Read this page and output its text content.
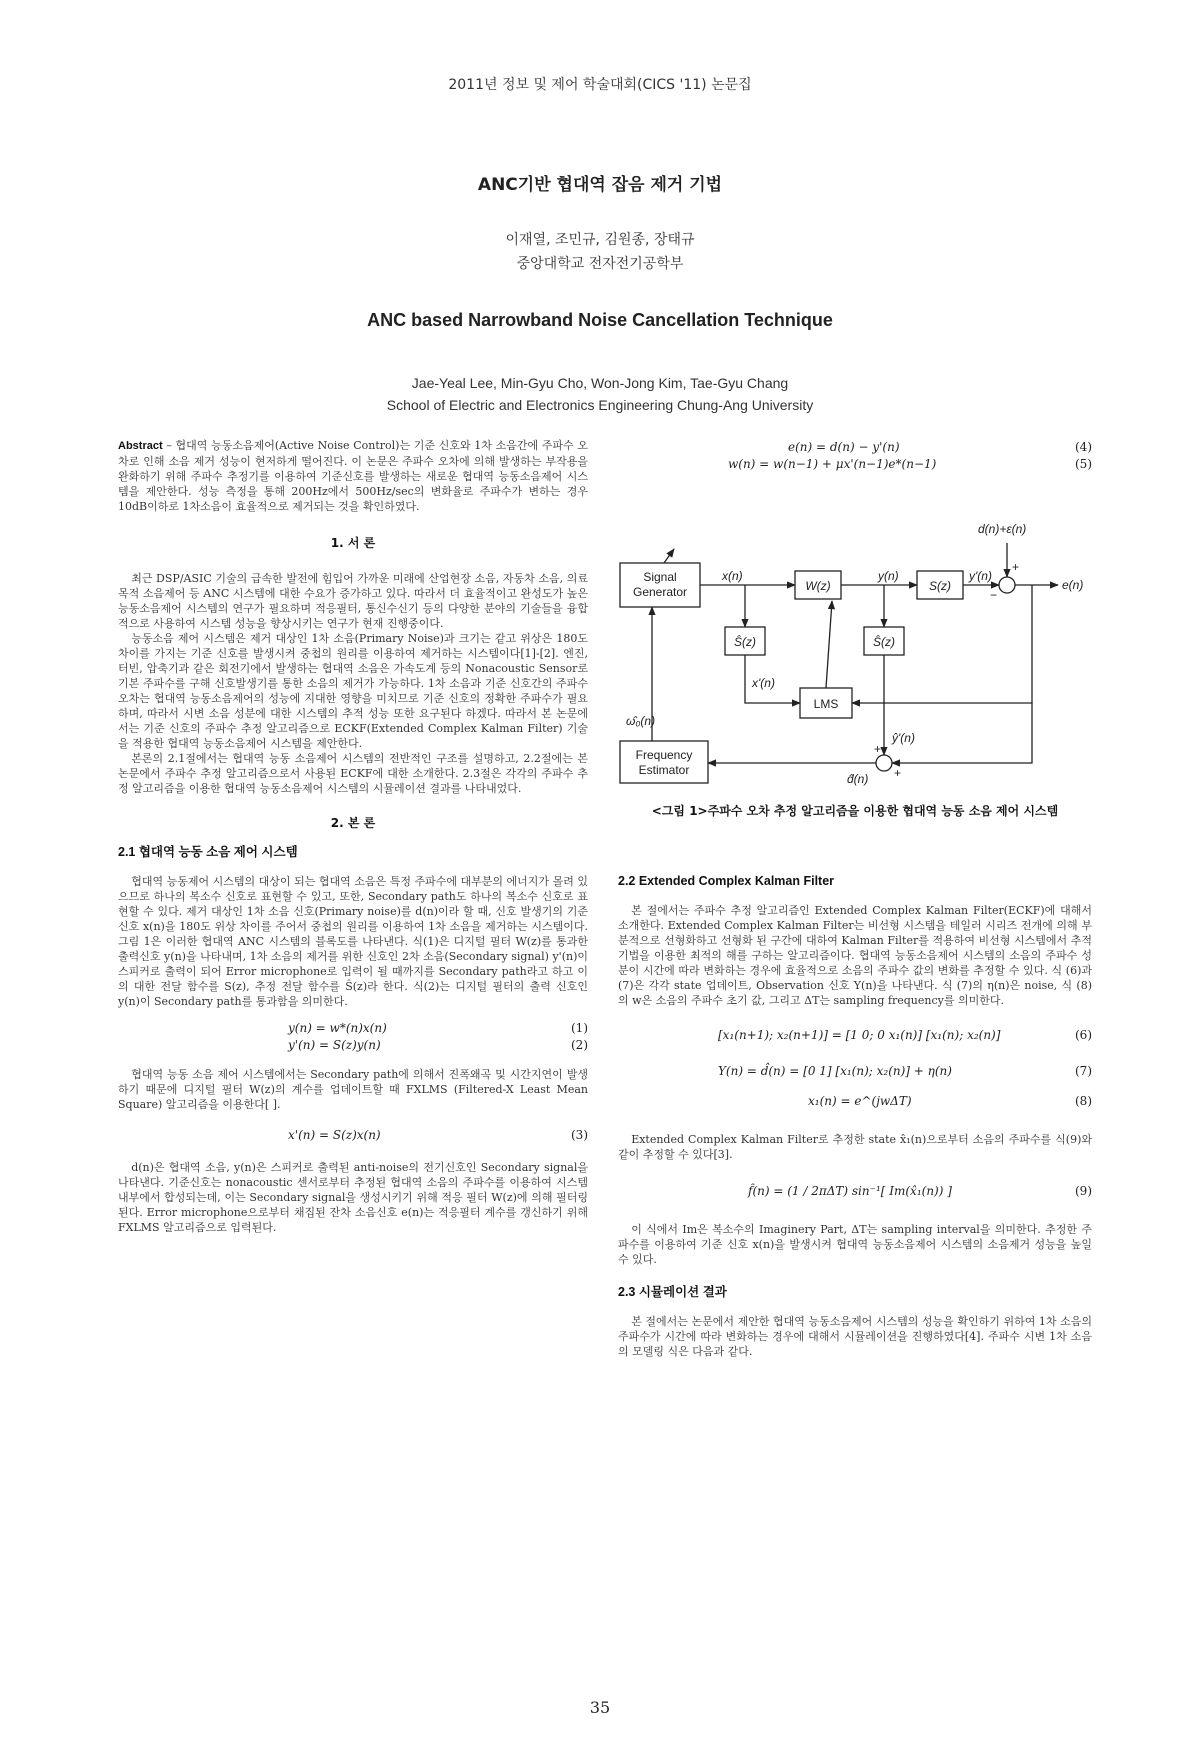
2011년 정보 및 제어 학술대회(CICS '11) 논문집
ANC기반 협대역 잡음 제거 기법
이재열, 조민규, 김원종, 장태규
중앙대학교 전자전기공학부
ANC based Narrowband Noise Cancellation Technique
Jae-Yeal Lee, Min-Gyu Cho, Won-Jong Kim, Tae-Gyu Chang
School of Electric and Electronics Engineering Chung-Ang University
Abstract – 협대역 능동소음제어(Active Noise Control)는 기준 신호와 1차 소음간에 주파수 오차로 인해 소음 제거 성능이 현저하게 떨어진다. 이 논문은 주파수 오차에 의해 발생하는 부작용을 완화하기 위해 주파수 추정기를 이용하여 기준신호를 발생하는 새로운 협대역 능동소음제어 시스템을 제안한다. 성능 측정을 통해 200Hz에서 500Hz/sec의 변화율로 주파수가 변하는 경우 10dB이하로 1차소음이 효율적으로 제거되는 것을 확인하였다.
1. 서 론

최근 DSP/ASIC 기술의 급속한 발전에 힘입어 가까운 미래에 산업현장 소음, 자동차 소음, 의료목적 소음제어 등 ANC 시스템에 대한 수요가 증가하고 있다. 따라서 더 효율적이고 완성도가 높은 능동소음제어 시스템의 연구가 필요하며 적응필터, 통신수신기 등의 다양한 분야의 기술들을 융합적으로 사용하여 시스템 성능을 향상시키는 연구가 현재 진행중이다.

능동소음 제어 시스템은 제거 대상인 1차 소음(Primary Noise)과 크기는 같고 위상은 180도 차이를 가지는 기준 신호를 발생시켜 중첩의 원리를 이용하여 제거하는 시스템이다[1]-[2]. 엔진, 터빈, 압축기과 같은 회전기에서 발생하는 협대역 소음은 가속도계 등의 Nonacoustic Sensor로 기본 주파수를 구해 신호발생기를 통한 소음의 제거가 가능하다. 1차 소음과 기준 신호간의 주파수 오차는 협대역 능동소음제어의 성능에 지대한 영향을 미치므로 기준 신호의 정확한 주파수가 필요하며, 따라서 시변 소음 성분에 대한 시스템의 추적 성능 또한 요구된다 하겠다. 따라서 본 논문에서는 기준 신호의 주파수 추정 알고리즘으로 ECKF(Extended Complex Kalman Filter) 기술을 적용한 협대역 능동소음제어 시스템을 제안한다.

본론의 2.1절에서는 협대역 능동 소음제어 시스템의 전반적인 구조를 설명하고, 2.2절에는 본 논문에서 주파수 추정 알고리즘으로서 사용된 ECKF에 대한 소개한다. 2.3절은 각각의 주파수 추정 알고리즘을 이용한 협대역 능동소음제어 시스템의 시뮬레이션 결과를 나타내었다.

2. 본 론
2.1 협대역 능동 소음 제어 시스템

협대역 능동제어 시스템의 대상이 되는 협대역 소음은 특정 주파수에 대부분의 에너지가 몰려 있으므로 하나의 복소수 신호로 표현할 수 있고, 또한, Secondary path도 하나의 복소수 신호로 표현할 수 있다. 제거 대상인 1차 소음 신호(Primary noise)를 d(n)이라 할 때, 신호 발생기의 기준 신호 x(n)을 180도 위상 차이를 주어서 중첩의 원리를 이용하여 1차 소음을 제거하는 시스템이다. 그림 1은 이러한 협대역 ANC 시스템의 블록도를 나타낸다. 식(1)은 디지털 필터 W(z)를 통과한 출력신호 y(n)을 나타내며, 1차 소음의 제거를 위한 신호인 2차 소음(Secondary signal) y'(n)이 스피커로 출력이 되어 Error microphone로 입력이 될 때까지를 Secondary path라고 하고 이의 대한 전달 함수를 S(z), 추정 전달 함수를 Ŝ(z)라 한다. 식(2)는 디지털 필터의 출력 신호인 y(n)이 Secondary path를 통과함을 의미한다.

y(n) = w*(n)x(n)	(1)
y'(n) = S(z)y(n)	(2)

협대역 능동 소음 제어 시스템에서는 Secondary path에 의해서 진폭왜곡 및 시간지연이 발생하기 때문에 디지털 필터 W(z)의 계수를 업데이트할 때 FXLMS (Filtered-X Least Mean Square) 알고리즘을 이용한다[ ].

x'(n) = S(z)x(n)	(3)

d(n)은 협대역 소음, y(n)은 스피커로 출력된 anti-noise의 전기신호인 Secondary signal을 나타낸다. 기준신호는 nonacoustic 센서로부터 추정된 협대역 소음의 주파수를 이용하여 시스템 내부에서 합성되는데, 이는 Secondary signal을 생성시키기 위해 적응 필터 W(z)에 의해 필터링 된다. Error microphone으로부터 채집된 잔차 소음신호 e(n)는 적응필터 계수를 갱신하기 위해 FXLMS 알고리즘으로 입력된다.

e(n) = d(n) − y'(n)	(4)
w(n) = w(n−1) + μx'(n−1)e*(n−1)	(5)
Signal
Generator	W(z)	S(z)
Ŝ(z)	Ŝ(z)
LMS
Frequency
Estimator
x(n)	y(n)	y'(n)
x'(n)
ŷ'(n)
d̂(n)
ω̂₀(n)
d(n)+ε(n)
e(n)
+
−
+
+
<그림 1>주파수 오차 추정 알고리즘을 이용한 협대역 능동 소음 제어 시스템
2.2 Extended Complex Kalman Filter

본 절에서는 주파수 추정 알고리즘인 Extended Complex Kalman Filter(ECKF)에 대해서 소개한다. Extended Complex Kalman Filter는 비선형 시스템을 테일러 시리즈 전개에 의해 부분적으로 선형화하고 선형화 된 구간에 대하여 Kalman Filter를 적용하여 비선형 시스템에서 추적 기법을 이용한 최적의 해를 구하는 알고리즘이다. 협대역 능동소음제어 시스템의 소음의 주파수 성분이 시간에 따라 변화하는 경우에 효율적으로 소음의 주파수 값의 변화를 추정할 수 있다. 식 (6)과 (7)은 각각 state 업데이트, Observation 신호 Y(n)을 나타낸다. 식 (7)의 η(n)은 noise, 식 (8)의 w은 소음의 주파수 초기 값, 그리고 ΔT는 sampling frequency를 의미한다.

[x₁(n+1); x₂(n+1)] = [1 0; 0 x₁(n)] [x₁(n); x₂(n)]	(6)
Y(n) = d̂(n) = [0 1] [x₁(n); x₂(n)] + η(n)	(7)
x₁(n) = e^(jwΔT)	(8)

Extended Complex Kalman Filter로 추정한 state x̂₁(n)으로부터 소음의 주파수를 식(9)와 같이 추정할 수 있다[3].

f̂(n) = (1 / 2πΔT) sin⁻¹[ Im(x̂₁(n)) ]	(9)

이 식에서 Im은 복소수의 Imaginery Part, ΔT는 sampling interval을 의미한다. 추정한 주파수를 이용하여 기준 신호 x(n)을 발생시켜 협대역 능동소음제어 시스템의 소음제거 성능을 높일 수 있다.

2.3 시뮬레이션 결과

본 절에서는 논문에서 제안한 협대역 능동소음제어 시스템의 성능을 확인하기 위하여 1차 소음의 주파수가 시간에 따라 변화하는 경우에 대해서 시뮬레이션을 진행하였다[4]. 주파수 시변 1차 소음의 모델링 식은 다음과 같다.

35
